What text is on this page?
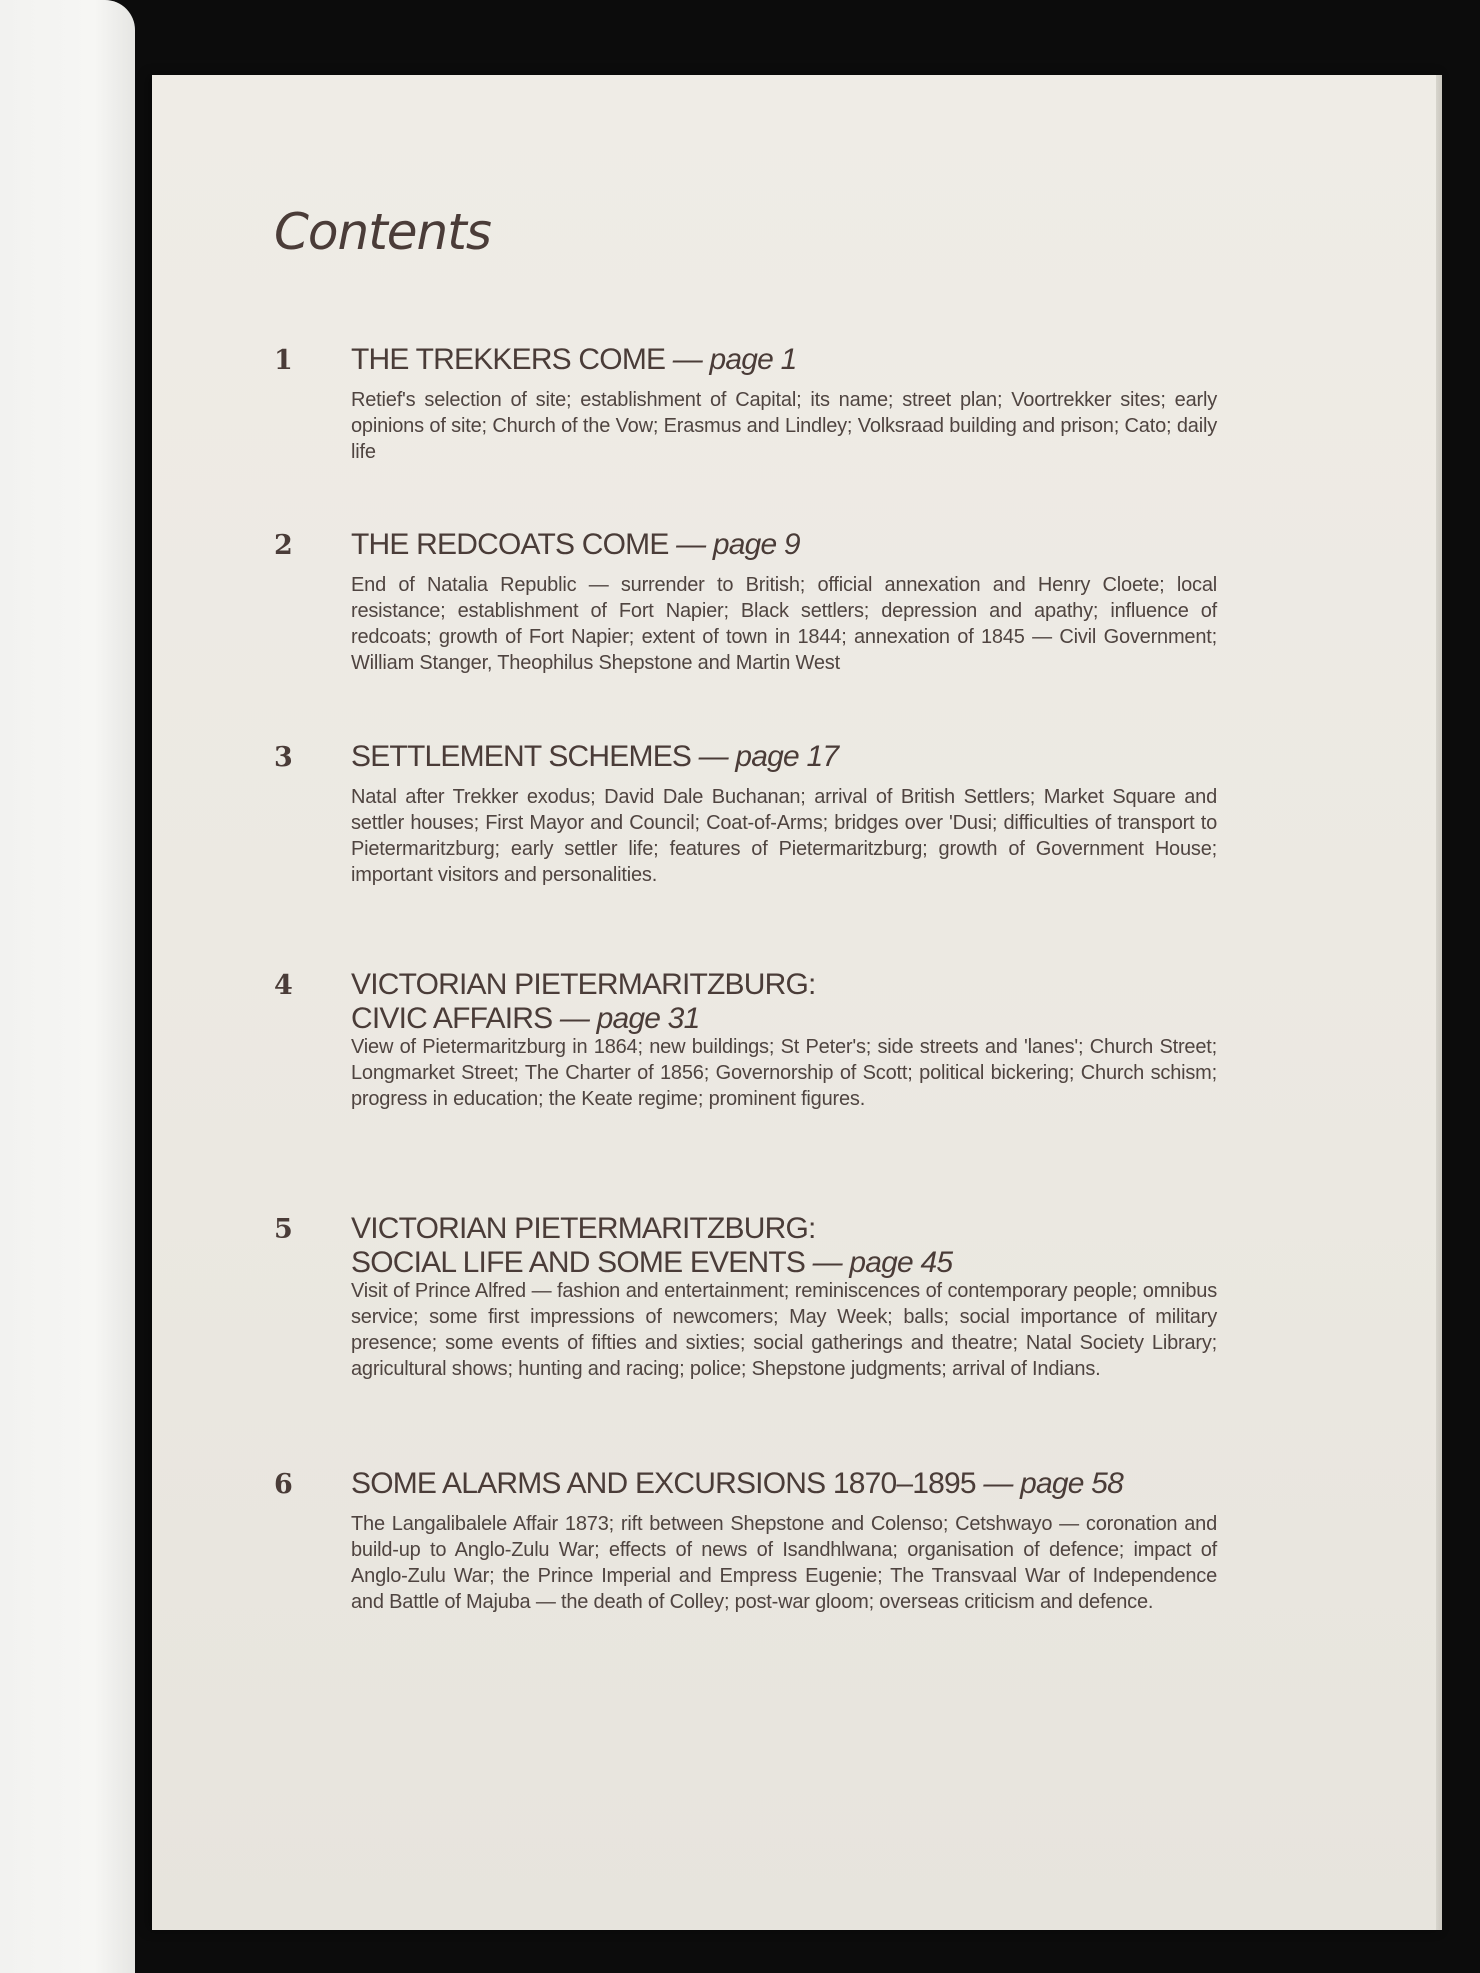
Contents
1 THE TREKKERS COME — page 1

Retief's selection of site; establishment of Capital; its name; street plan; Voortrekker sites; early opinions of site; Church of the Vow; Erasmus and Lindley; Volksraad building and prison; Cato; daily life

2 THE REDCOATS COME — page 9

End of Natalia Republic — surrender to British; official annexation and Henry Cloete; local resistance; establishment of Fort Napier; Black settlers; depression and apathy; influence of redcoats; growth of Fort Napier; extent of town in 1844; annexation of 1845 — Civil Government; William Stanger, Theophilus Shepstone and Martin West

3 SETTLEMENT SCHEMES — page 17

Natal after Trekker exodus; David Dale Buchanan; arrival of British Settlers; Market Square and settler houses; First Mayor and Council; Coat-of-Arms; bridges over 'Dusi; difficulties of transport to Pietermaritzburg; early settler life; features of Pietermaritzburg; growth of Government House; important visitors and personalities.

4 VICTORIAN PIETERMARITZBURG:
CIVIC AFFAIRS — page 31

View of Pietermaritzburg in 1864; new buildings; St Peter's; side streets and 'lanes'; Church Street; Longmarket Street; The Charter of 1856; Governorship of Scott; political bickering; Church schism; progress in education; the Keate regime; prominent figures.

5 VICTORIAN PIETERMARITZBURG:
SOCIAL LIFE AND SOME EVENTS — page 45

Visit of Prince Alfred — fashion and entertainment; reminiscences of contemporary people; omnibus service; some first impressions of newcomers; May Week; balls; social importance of military presence; some events of fifties and sixties; social gatherings and theatre; Natal Society Library; agricultural shows; hunting and racing; police; Shepstone judgments; arrival of Indians.

6 SOME ALARMS AND EXCURSIONS 1870–1895 — page 58

The Langalibalele Affair 1873; rift between Shepstone and Colenso; Cetshwayo — coronation and build-up to Anglo-Zulu War; effects of news of Isandhlwana; organisation of defence; impact of Anglo-Zulu War; the Prince Imperial and Empress Eugenie; The Transvaal War of Independence and Battle of Majuba — the death of Colley; post-war gloom; overseas criticism and defence.
